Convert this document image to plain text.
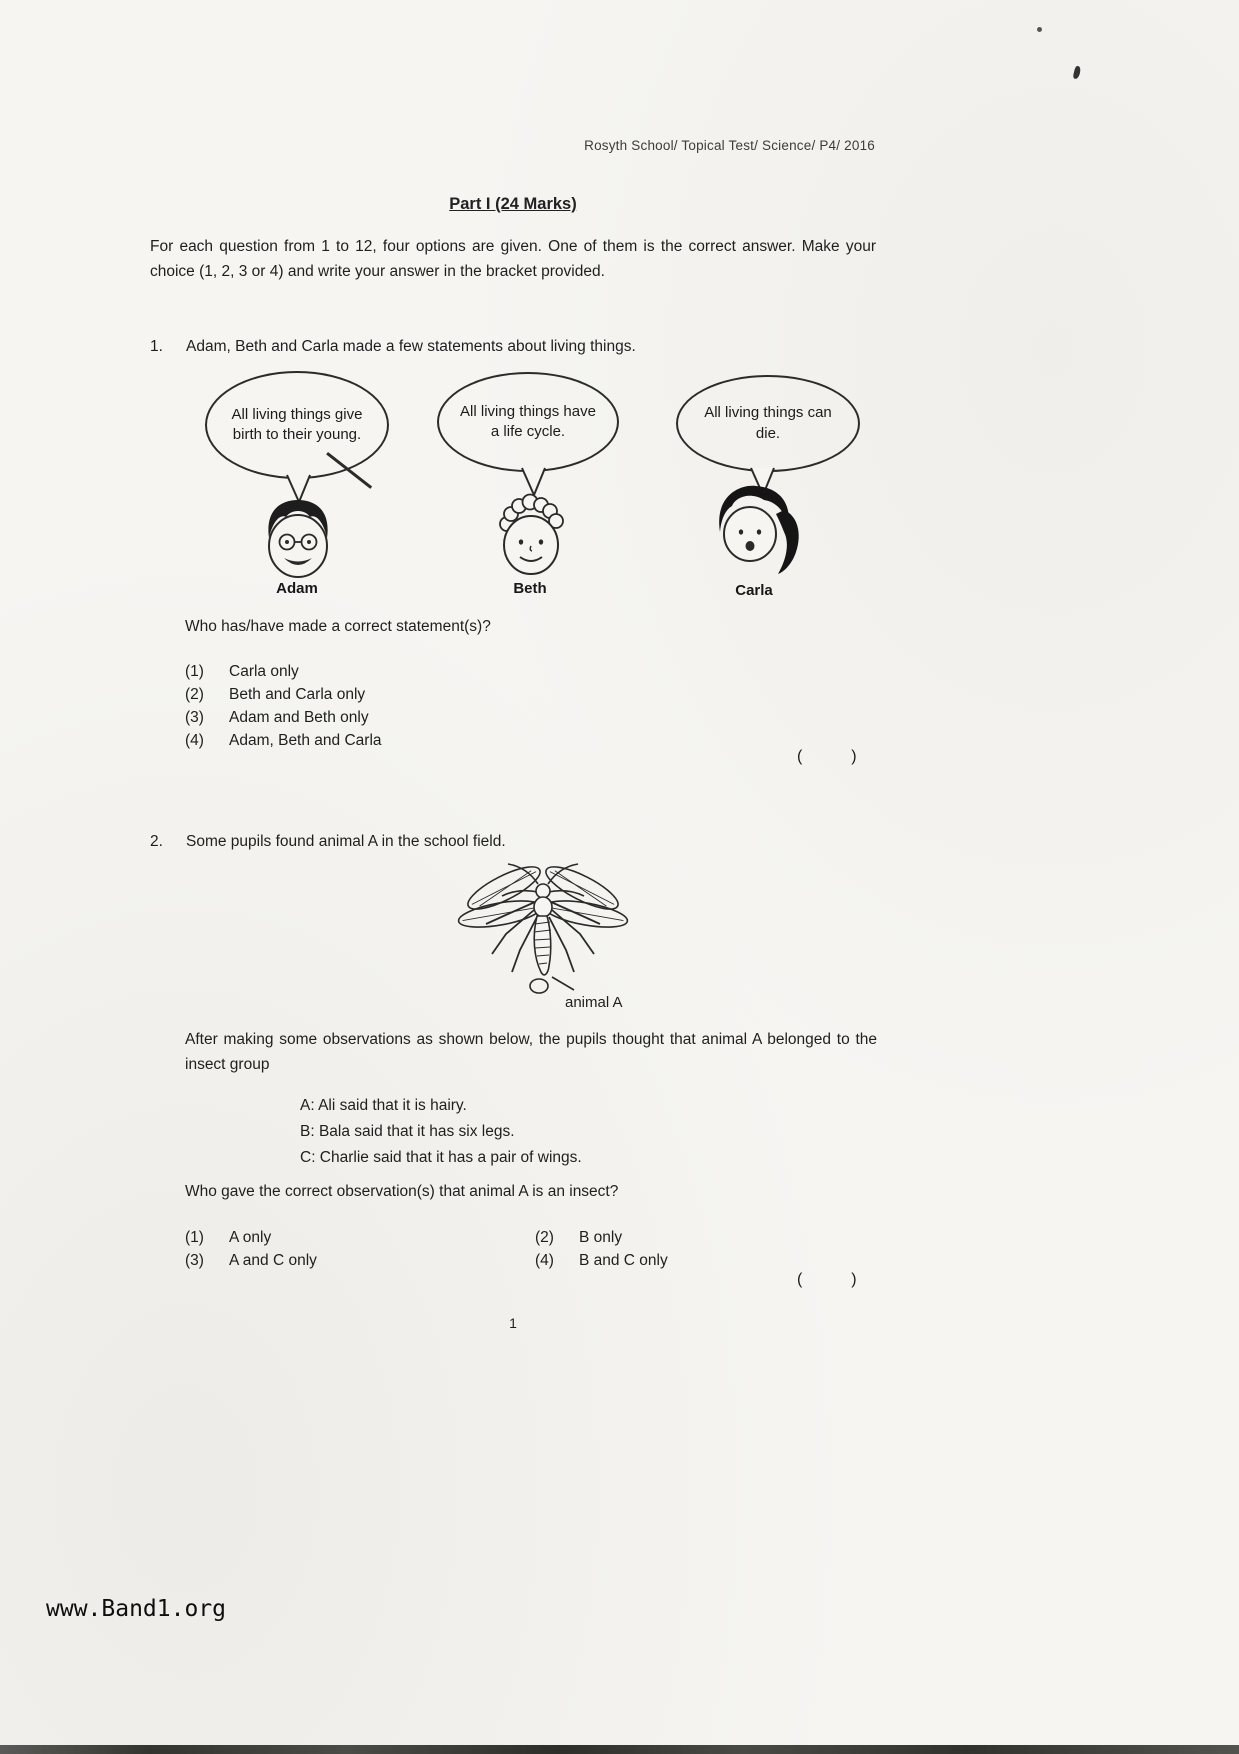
Rosyth School/ Topical Test/ Science/ P4/ 2016
Part I (24 Marks)

For each question from 1 to 12, four options are given. One of them is the correct answer. Make your choice (1, 2, 3 or 4) and write your answer in the bracket provided.

1.	Adam, Beth and Carla made a few statements about living things.
All living things give birth to their young.
All living things have a life cycle.
All living things can die.
Adam	Beth	Carla
Who has/have made a correct statement(s)?
(1)	Carla only
(2)	Beth and Carla only
(3)	Adam and Beth only
(4)	Adam, Beth and Carla
(           )
2.	Some pupils found animal A in the school field.
animal A

After making some observations as shown below, the pupils thought that animal A belonged to the insect group

A: Ali said that it is hairy.
B: Bala said that it has six legs.
C: Charlie said that it has a pair of wings.
Who gave the correct observation(s) that animal A is an insect?
(1)	A only	(2)	B only
(3)	A and C only	(4)	B and C only
(           )
1
www.Band1.org
